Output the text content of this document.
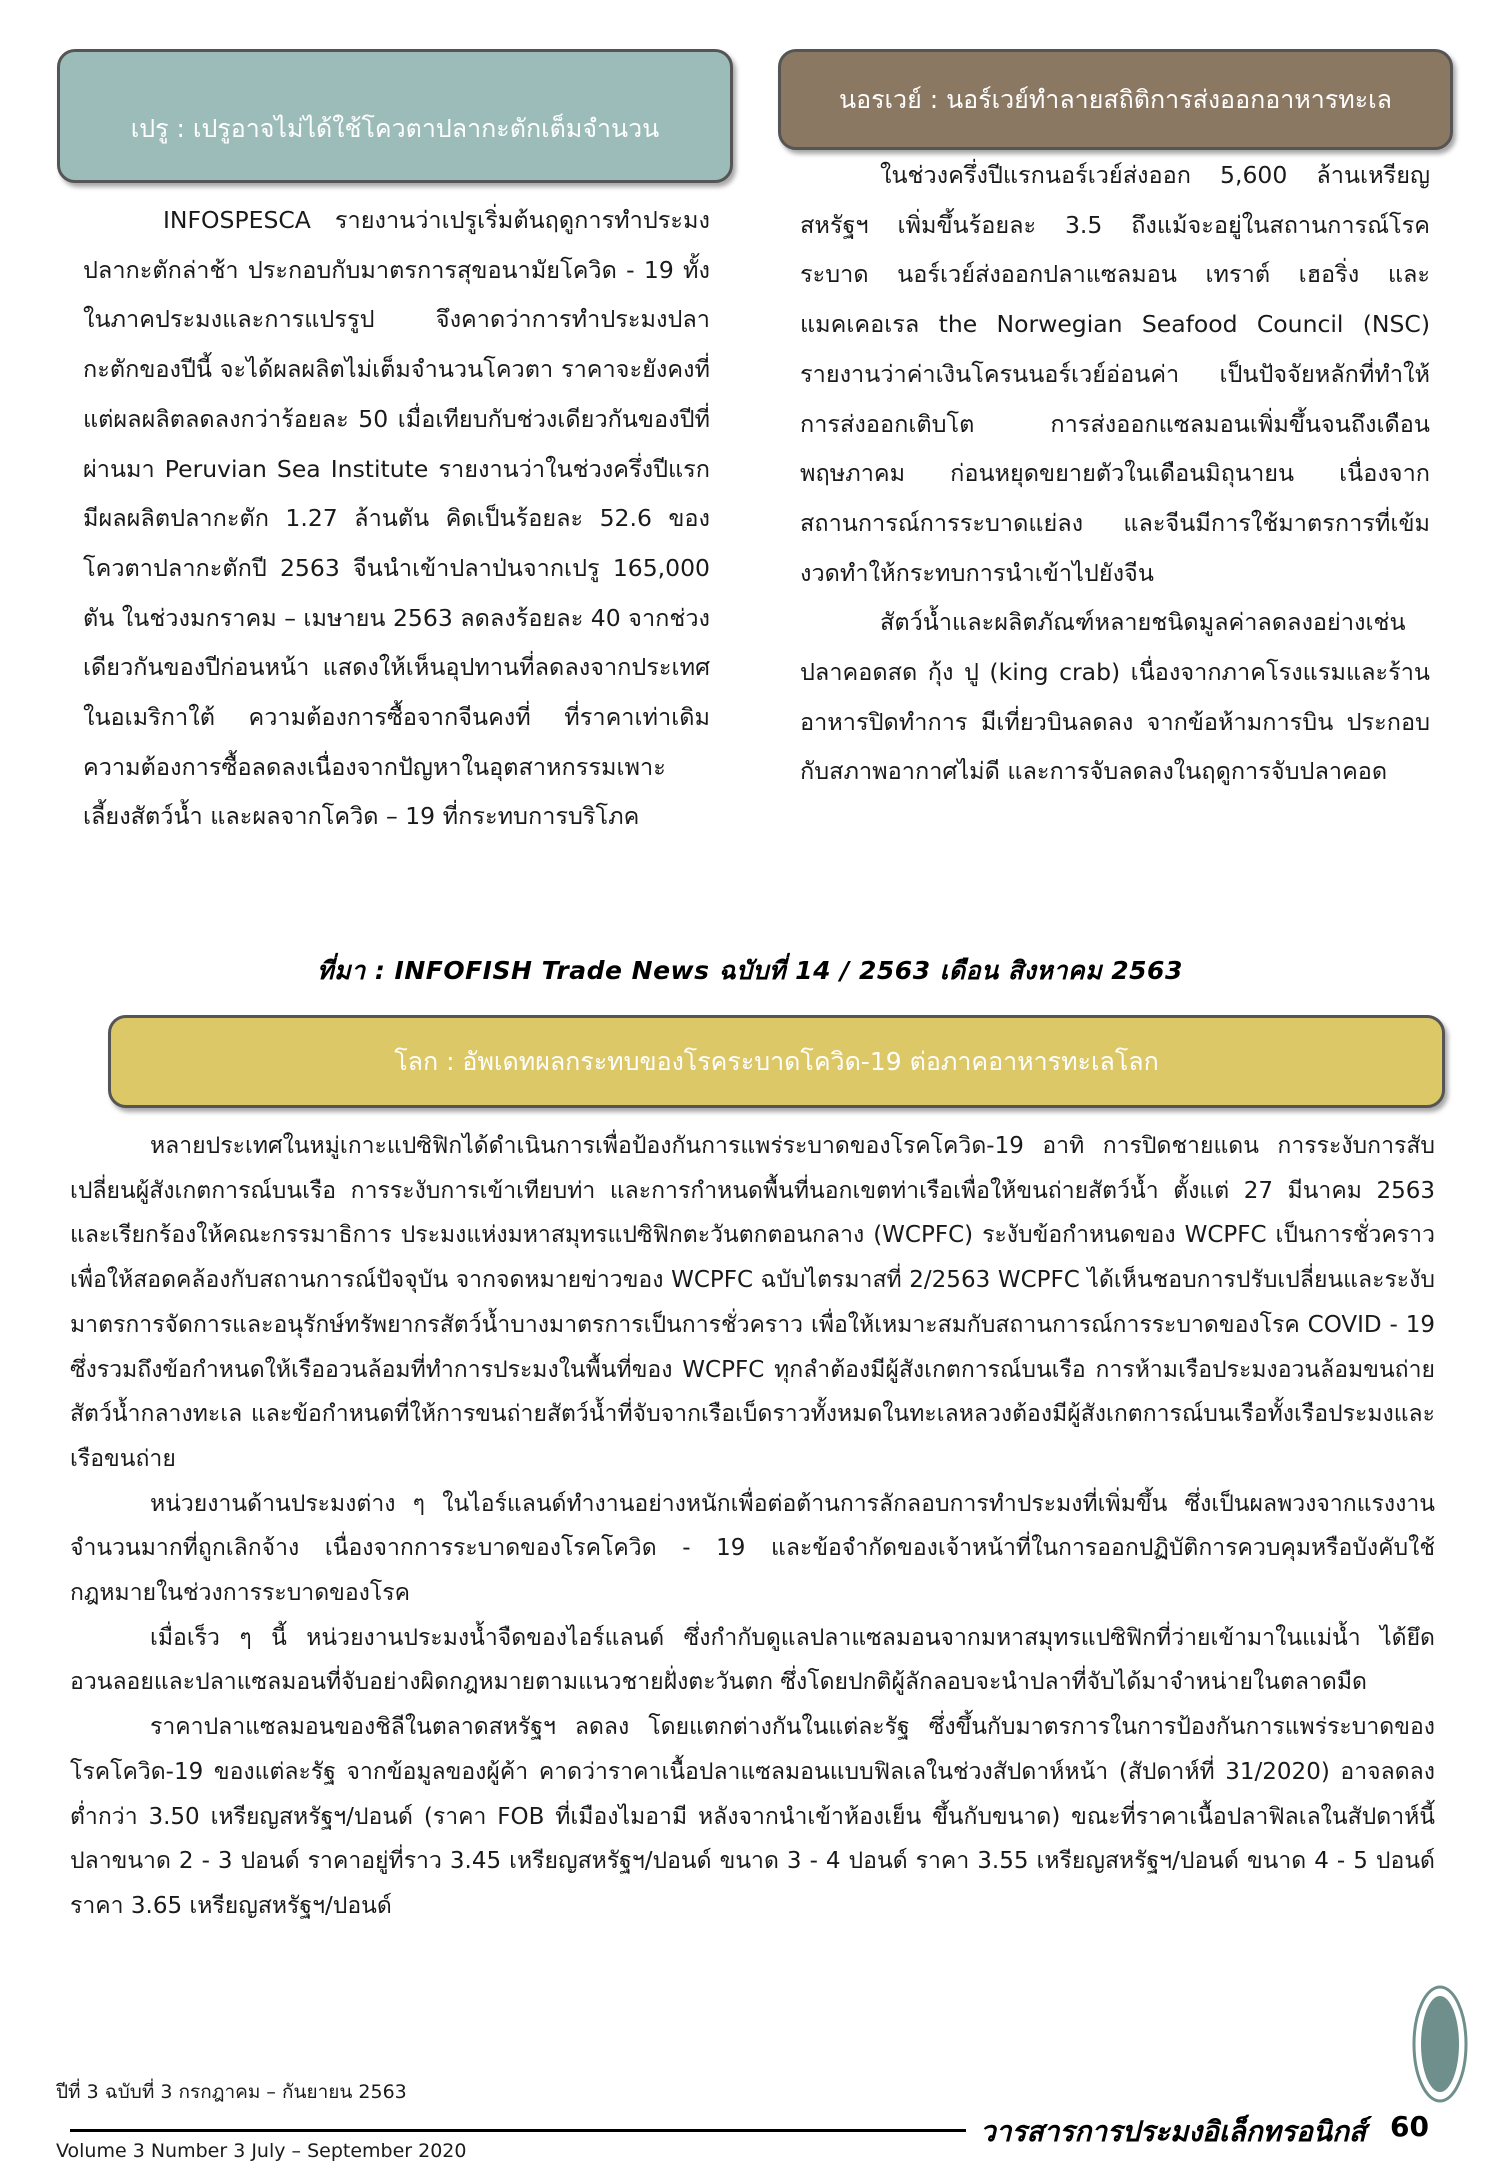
เปรู : เปรูอาจไม่ได้ใช้โควตาปลากะตักเต็มจำนวน
นอรเวย์ : นอร์เวย์ทำลายสถิติการส่งออกอาหารทะเล

INFOSPESCA รายงานว่าเปรูเริ่มต้นฤดูการทำประมงปลากะตักล่าช้า ประกอบกับมาตรการสุขอนามัยโควิด - 19 ทั้งในภาคประมงและการแปรรูป จึงคาดว่าการทำประมงปลากะตักของปีนี้ จะได้ผลผลิตไม่เต็มจำนวนโควตา ราคาจะยังคงที่ แต่ผลผลิตลดลงกว่าร้อยละ 50 เมื่อเทียบกับช่วงเดียวกันของปีที่ผ่านมา Peruvian Sea Institute รายงานว่าในช่วงครึ่งปีแรก มีผลผลิตปลากะตัก 1.27 ล้านตัน คิดเป็นร้อยละ 52.6 ของโควตาปลากะตักปี 2563 จีนนำเข้าปลาป่นจากเปรู 165,000 ตัน ในช่วงมกราคม – เมษายน 2563 ลดลงร้อยละ 40 จากช่วงเดียวกันของปีก่อนหน้า แสดงให้เห็นอุปทานที่ลดลงจากประเทศในอเมริกาใต้ ความต้องการซื้อจากจีนคงที่ ที่ราคาเท่าเดิม ความต้องการซื้อลดลงเนื่องจากปัญหาในอุตสาหกรรมเพาะเลี้ยงสัตว์น้ำ และผลจากโควิด – 19 ที่กระทบการบริโภค

ในช่วงครึ่งปีแรกนอร์เวย์ส่งออก 5,600 ล้านเหรียญสหรัฐฯ เพิ่มขึ้นร้อยละ 3.5 ถึงแม้จะอยู่ในสถานการณ์โรคระบาด นอร์เวย์ส่งออกปลาแซลมอน เทราต์ เฮอริ่ง และแมคเคอเรล the Norwegian Seafood Council (NSC) รายงานว่าค่าเงินโครนนอร์เวย์อ่อนค่า เป็นปัจจัยหลักที่ทำให้การส่งออกเติบโต การส่งออกแซลมอนเพิ่มขึ้นจนถึงเดือนพฤษภาคม ก่อนหยุดขยายตัวในเดือนมิถุนายน เนื่องจากสถานการณ์การระบาดแย่ลง และจีนมีการใช้มาตรการที่เข้มงวดทำให้กระทบการนำเข้าไปยังจีน

สัตว์น้ำและผลิตภัณฑ์หลายชนิดมูลค่าลดลงอย่างเช่น ปลาคอดสด กุ้ง ปู (king crab) เนื่องจากภาคโรงแรมและร้านอาหารปิดทำการ มีเที่ยวบินลดลง จากข้อห้ามการบิน ประกอบกับสภาพอากาศไม่ดี และการจับลดลงในฤดูการจับปลาคอด

ที่มา : INFOFISH Trade News ฉบับที่ 14 / 2563 เดือน สิงหาคม 2563
โลก : อัพเดทผลกระทบของโรคระบาดโควิด-19 ต่อภาคอาหารทะเลโลก

หลายประเทศในหมู่เกาะแปซิฟิกได้ดำเนินการเพื่อป้องกันการแพร่ระบาดของโรคโควิด-19 อาทิ การปิดชายแดน การระงับการสับเปลี่ยนผู้สังเกตการณ์บนเรือ การระงับการเข้าเทียบท่า และการกำหนดพื้นที่นอกเขตท่าเรือเพื่อให้ขนถ่ายสัตว์น้ำ ตั้งแต่ 27 มีนาคม 2563 และเรียกร้องให้คณะกรรมาธิการ ประมงแห่งมหาสมุทรแปซิฟิกตะวันตกตอนกลาง (WCPFC) ระงับข้อกำหนดของ WCPFC เป็นการชั่วคราว เพื่อให้สอดคล้องกับสถานการณ์ปัจจุบัน จากจดหมายข่าวของ WCPFC ฉบับไตรมาสที่ 2/2563 WCPFC ได้เห็นชอบการปรับเปลี่ยนและระงับมาตรการจัดการและอนุรักษ์ทรัพยากรสัตว์น้ำบางมาตรการเป็นการชั่วคราว เพื่อให้เหมาะสมกับสถานการณ์การระบาดของโรค COVID - 19 ซึ่งรวมถึงข้อกำหนดให้เรืออวนล้อมที่ทำการประมงในพื้นที่ของ WCPFC ทุกลำต้องมีผู้สังเกตการณ์บนเรือ การห้ามเรือประมงอวนล้อมขนถ่ายสัตว์น้ำกลางทะเล และข้อกำหนดที่ให้การขนถ่ายสัตว์น้ำที่จับจากเรือเบ็ดราวทั้งหมดในทะเลหลวงต้องมีผู้สังเกตการณ์บนเรือทั้งเรือประมงและเรือขนถ่าย

หน่วยงานด้านประมงต่าง ๆ ในไอร์แลนด์ทำงานอย่างหนักเพื่อต่อต้านการลักลอบการทำประมงที่เพิ่มขึ้น ซึ่งเป็นผลพวงจากแรงงานจำนวนมากที่ถูกเลิกจ้าง เนื่องจากการระบาดของโรคโควิด - 19 และข้อจำกัดของเจ้าหน้าที่ในการออกปฏิบัติการควบคุมหรือบังคับใช้กฎหมายในช่วงการระบาดของโรค

เมื่อเร็ว ๆ นี้ หน่วยงานประมงน้ำจืดของไอร์แลนด์ ซึ่งกำกับดูแลปลาแซลมอนจากมหาสมุทรแปซิฟิกที่ว่ายเข้ามาในแม่น้ำ ได้ยึดอวนลอยและปลาแซลมอนที่จับอย่างผิดกฎหมายตามแนวชายฝั่งตะวันตก ซึ่งโดยปกติผู้ลักลอบจะนำปลาที่จับได้มาจำหน่ายในตลาดมืด

ราคาปลาแซลมอนของชิลีในตลาดสหรัฐฯ ลดลง โดยแตกต่างกันในแต่ละรัฐ ซึ่งขึ้นกับมาตรการในการป้องกันการแพร่ระบาดของโรคโควิด-19 ของแต่ละรัฐ จากข้อมูลของผู้ค้า คาดว่าราคาเนื้อปลาแซลมอนแบบฟิลเลในช่วงสัปดาห์หน้า (สัปดาห์ที่ 31/2020) อาจลดลงต่ำกว่า 3.50 เหรียญสหรัฐฯ/ปอนด์ (ราคา FOB ที่เมืองไมอามี หลังจากนำเข้าห้องเย็น ขึ้นกับขนาด) ขณะที่ราคาเนื้อปลาฟิลเลในสัปดาห์นี้ ปลาขนาด 2 - 3 ปอนด์ ราคาอยู่ที่ราว 3.45 เหรียญสหรัฐฯ/ปอนด์ ขนาด 3 - 4 ปอนด์ ราคา 3.55 เหรียญสหรัฐฯ/ปอนด์ ขนาด 4 - 5 ปอนด์ ราคา 3.65 เหรียญสหรัฐฯ/ปอนด์

ปีที่ 3 ฉบับที่ 3 กรกฎาคม – กันยายน 2563
Volume 3 Number 3 July – September 2020
วารสารการประมงอิเล็กทรอนิกส์ 60
